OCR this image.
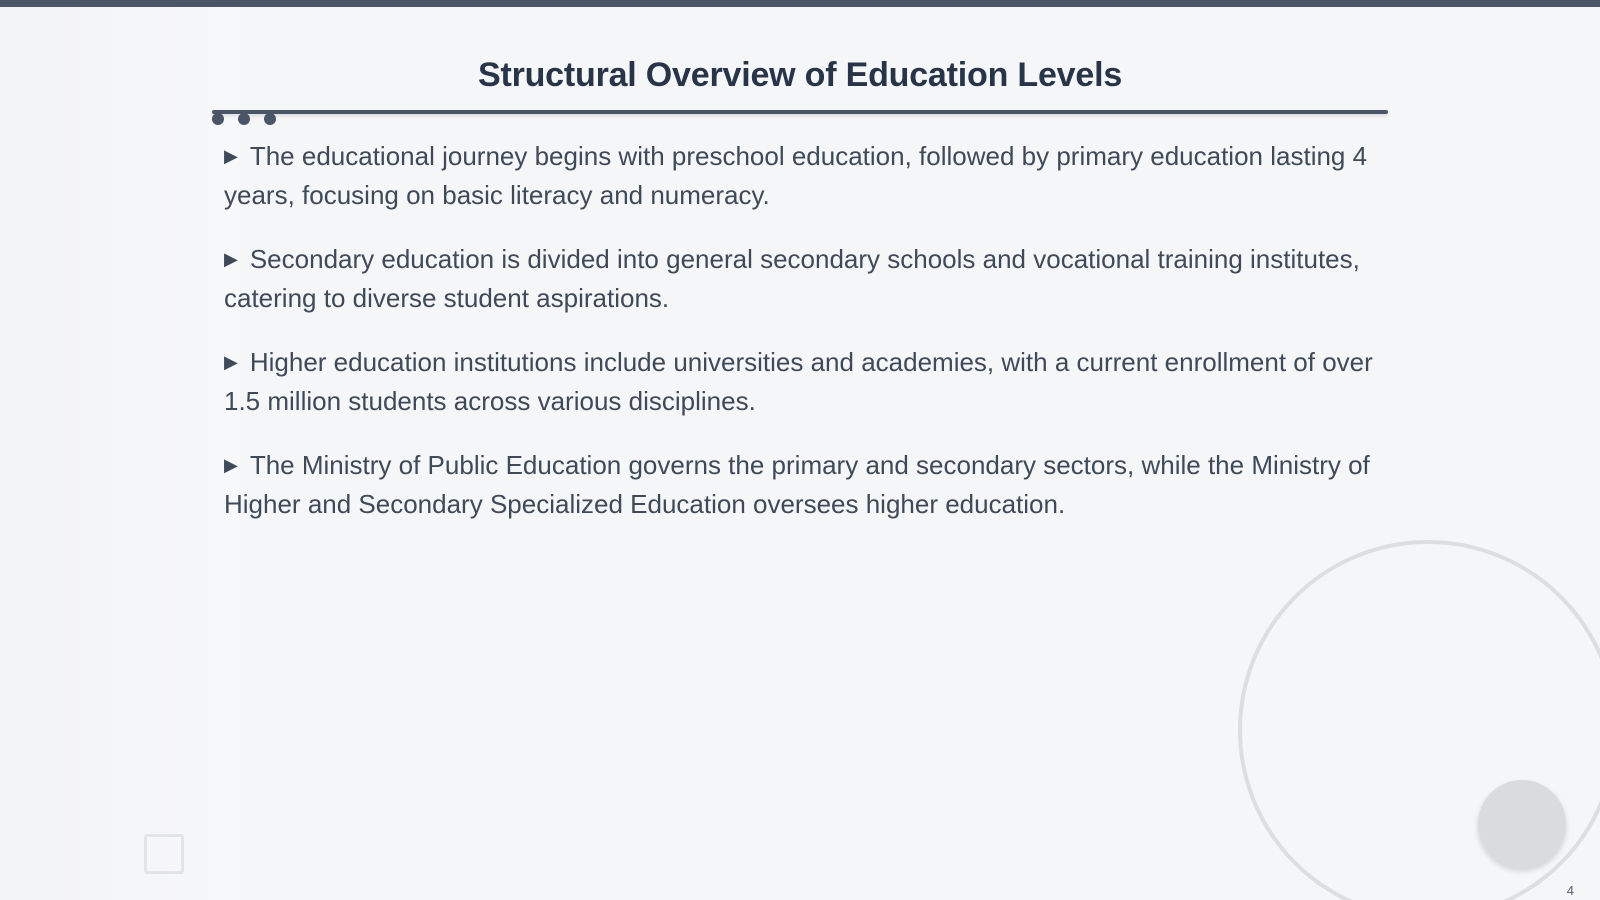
Structural Overview of Education Levels
▶ The educational journey begins with preschool education, followed by primary education lasting 4 years, focusing on basic literacy and numeracy.
▶ Secondary education is divided into general secondary schools and vocational training institutes, catering to diverse student aspirations.
▶ Higher education institutions include universities and academies, with a current enrollment of over 1.5 million students across various disciplines.
▶ The Ministry of Public Education governs the primary and secondary sectors, while the Ministry of Higher and Secondary Specialized Education oversees higher education.
4
